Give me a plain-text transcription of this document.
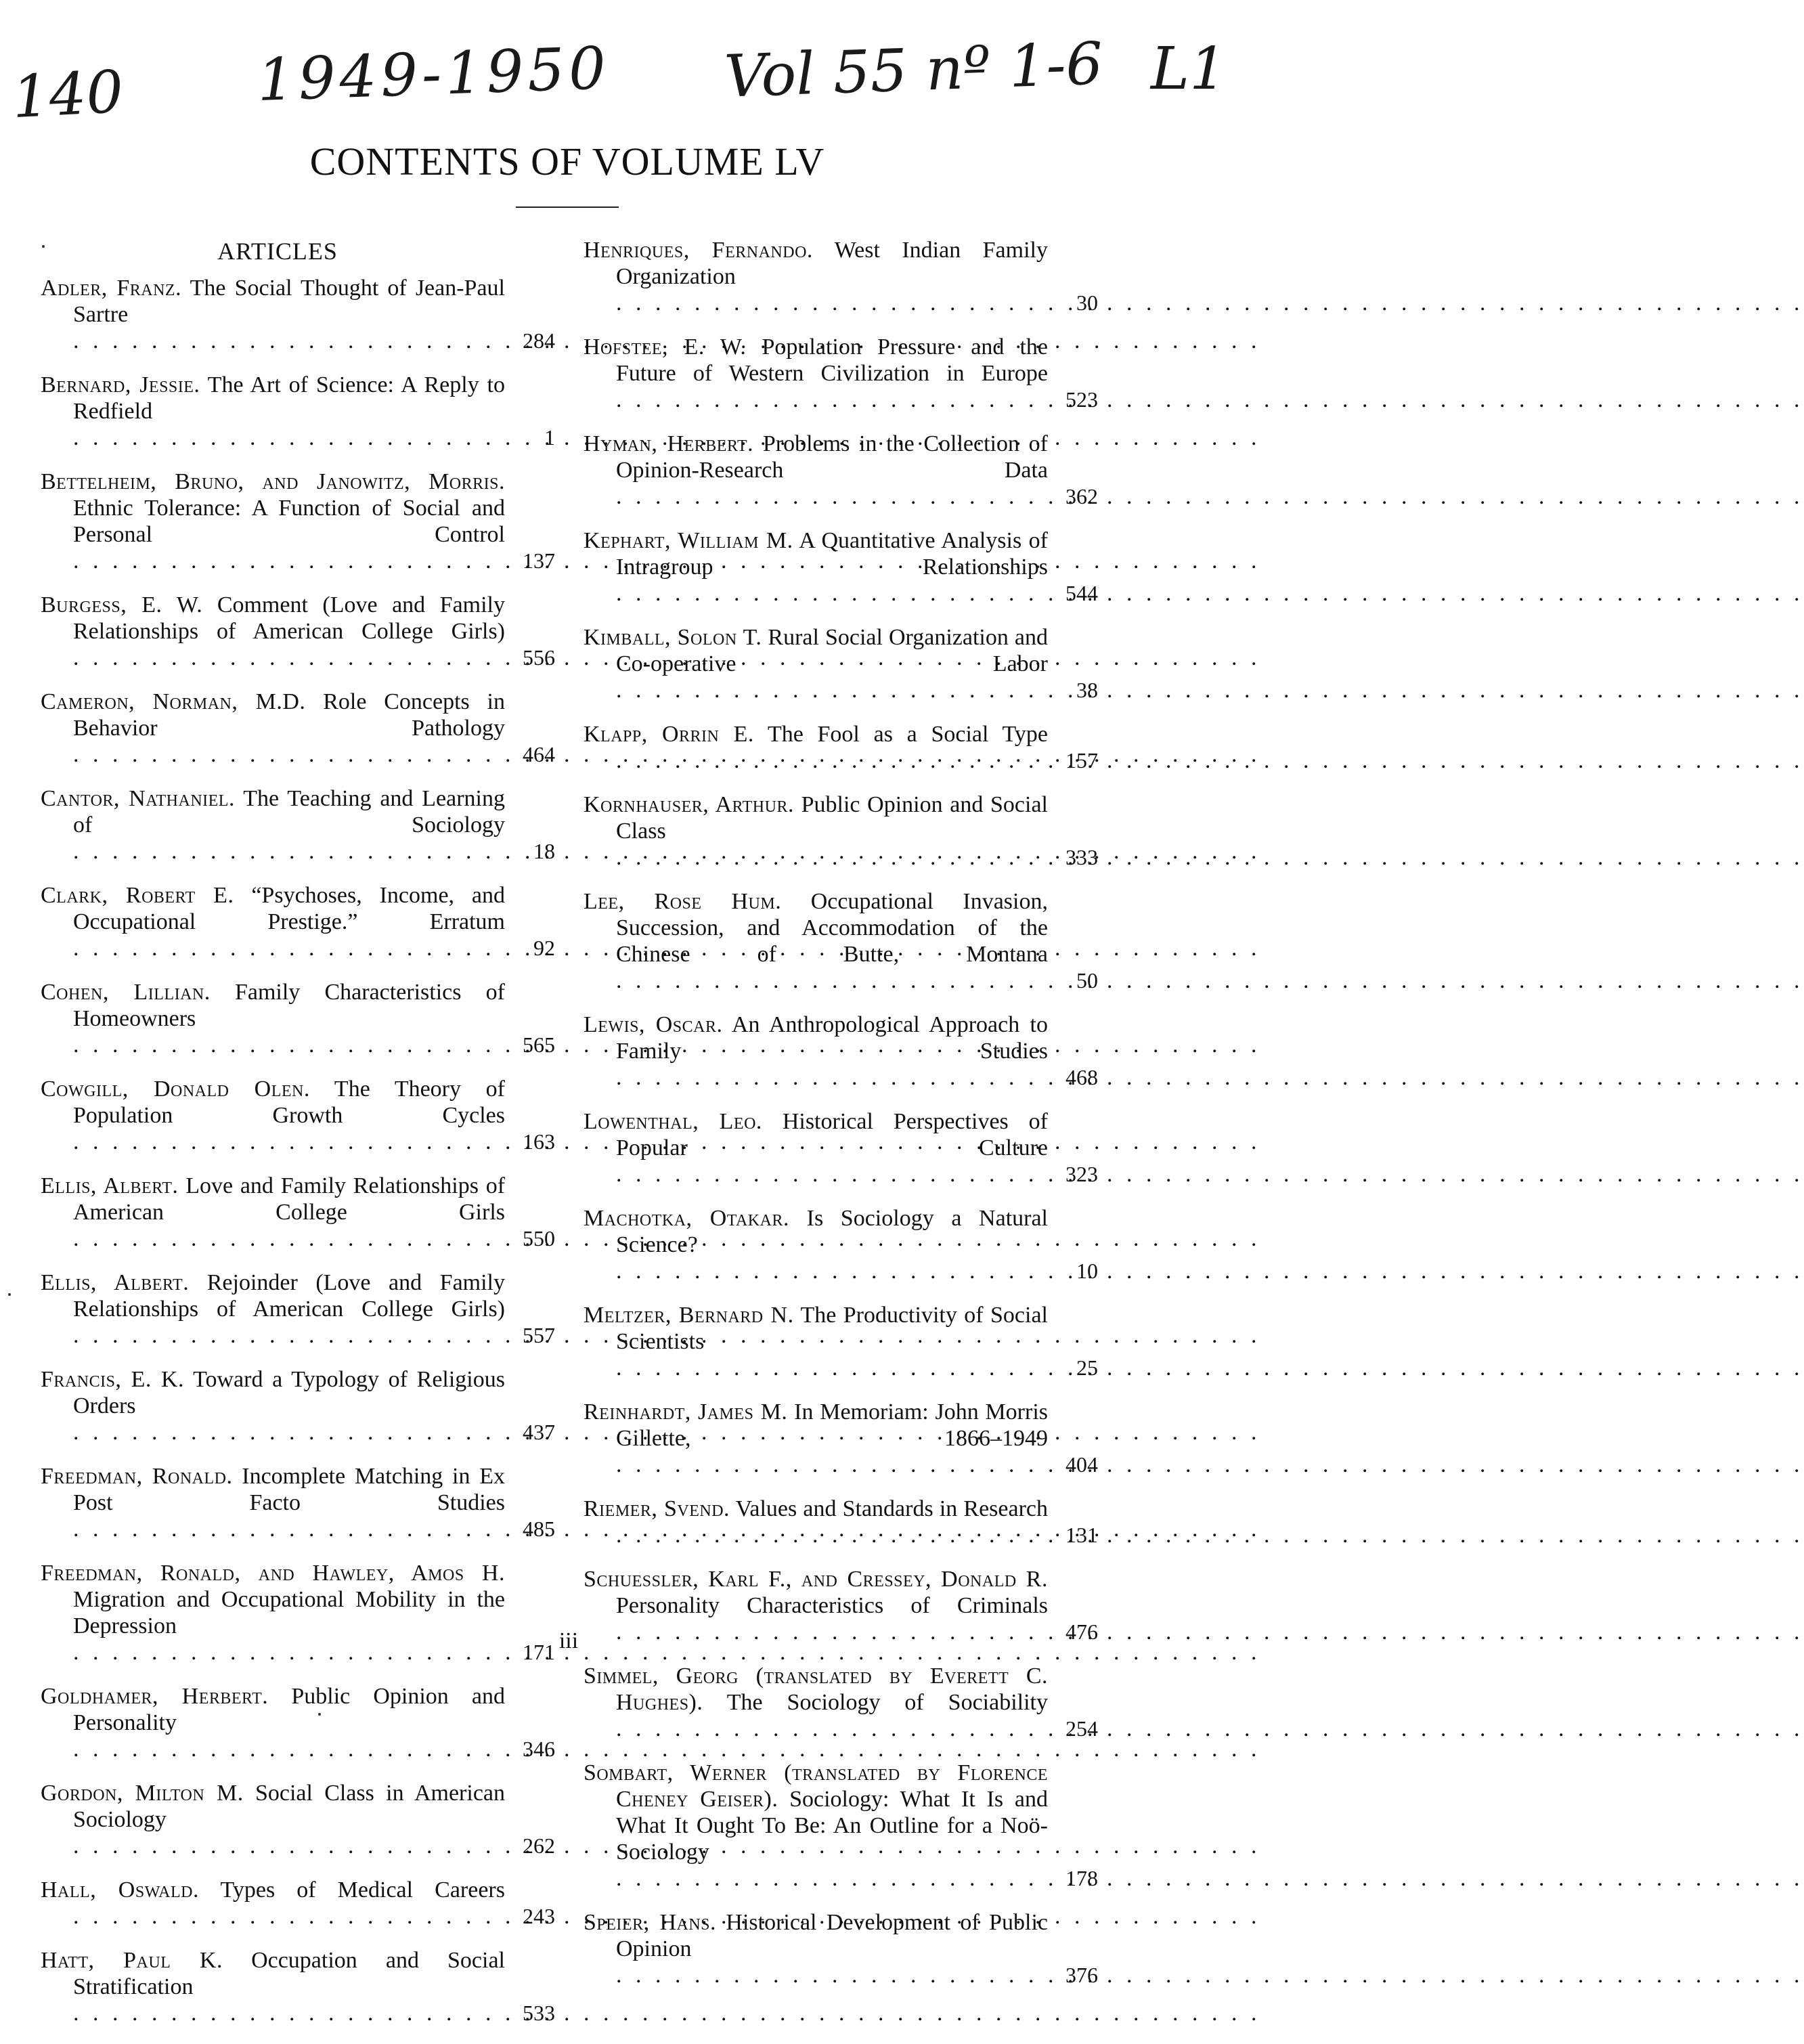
140 1949-1950 Vol 55 nº 1-6 L1
CONTENTS OF VOLUME LV
ARTICLES
Adler, Franz. The Social Thought of Jean-Paul Sartre . . .
284
Bernard, Jessie. The Art of Science: A Reply to Redfield . . .
1
Bettelheim, Bruno, and Janowitz, Morris. Ethnic Tolerance: A Function of Social and Personal Control . . .
137
Burgess, E. W. Comment (Love and Family Relationships of American College Girls) . . .
556
Cameron, Norman, M.D. Role Concepts in Behavior Pathology . . .
464
Cantor, Nathaniel. The Teaching and Learning of Sociology . . .
18
Clark, Robert E. “Psychoses, Income, and Occupational Prestige.” Erratum . . .
92
Cohen, Lillian. Family Characteristics of Homeowners . . .
565
Cowgill, Donald Olen. The Theory of Population Growth Cycles . . .
163
Ellis, Albert. Love and Family Relationships of American College Girls . . .
550
Ellis, Albert. Rejoinder (Love and Family Relationships of American College Girls) . . .
557
Francis, E. K. Toward a Typology of Religious Orders . . .
437
Freedman, Ronald. Incomplete Matching in Ex Post Facto Studies . . .
485
Freedman, Ronald, and Hawley, Amos H. Migration and Occupational Mobility in the Depression . . .
171
Goldhamer, Herbert. Public Opinion and Personality . . .
346
Gordon, Milton M. Social Class in American Sociology . . .
262
Hall, Oswald. Types of Medical Careers . . .
243
Hatt, Paul K. Occupation and Social Stratification . . .
533
Henriques, Fernando. West Indian Family Organization . . .
30
Hofstee, E. W. Population Pressure and the Future of Western Civilization in Europe . . .
523
Hyman, Herbert. Problems in the Collection of Opinion-Research Data . . .
362
Kephart, William M. A Quantitative Analysis of Intragroup Relationships . . .
544
Kimball, Solon T. Rural Social Organization and Co-operative Labor . . .
38
Klapp, Orrin E. The Fool as a Social Type . . .
157
Kornhauser, Arthur. Public Opinion and Social Class . . .
333
Lee, Rose Hum. Occupational Invasion, Succession, and Accommodation of the Chinese of Butte, Montana . . .
50
Lewis, Oscar. An Anthropological Approach to Family Studies . . .
468
Lowenthal, Leo. Historical Perspectives of Popular Culture . . .
323
Machotka, Otakar. Is Sociology a Natural Science? . . .
10
Meltzer, Bernard N. The Productivity of Social Scientists . . .
25
Reinhardt, James M. In Memoriam: John Morris Gillette, 1866–1949 . . .
404
Riemer, Svend. Values and Standards in Research . . .
131
Schuessler, Karl F., and Cressey, Donald R. Personality Characteristics of Criminals . . .
476
Simmel, Georg (translated by Everett C. Hughes). The Sociology of Sociability . . .
254
Sombart, Werner (translated by Florence Cheney Geiser). Sociology: What It Is and What It Ought To Be: An Outline for a Noö-Sociology . . .
178
Speier, Hans. Historical Development of Public Opinion . . .
376
iii
